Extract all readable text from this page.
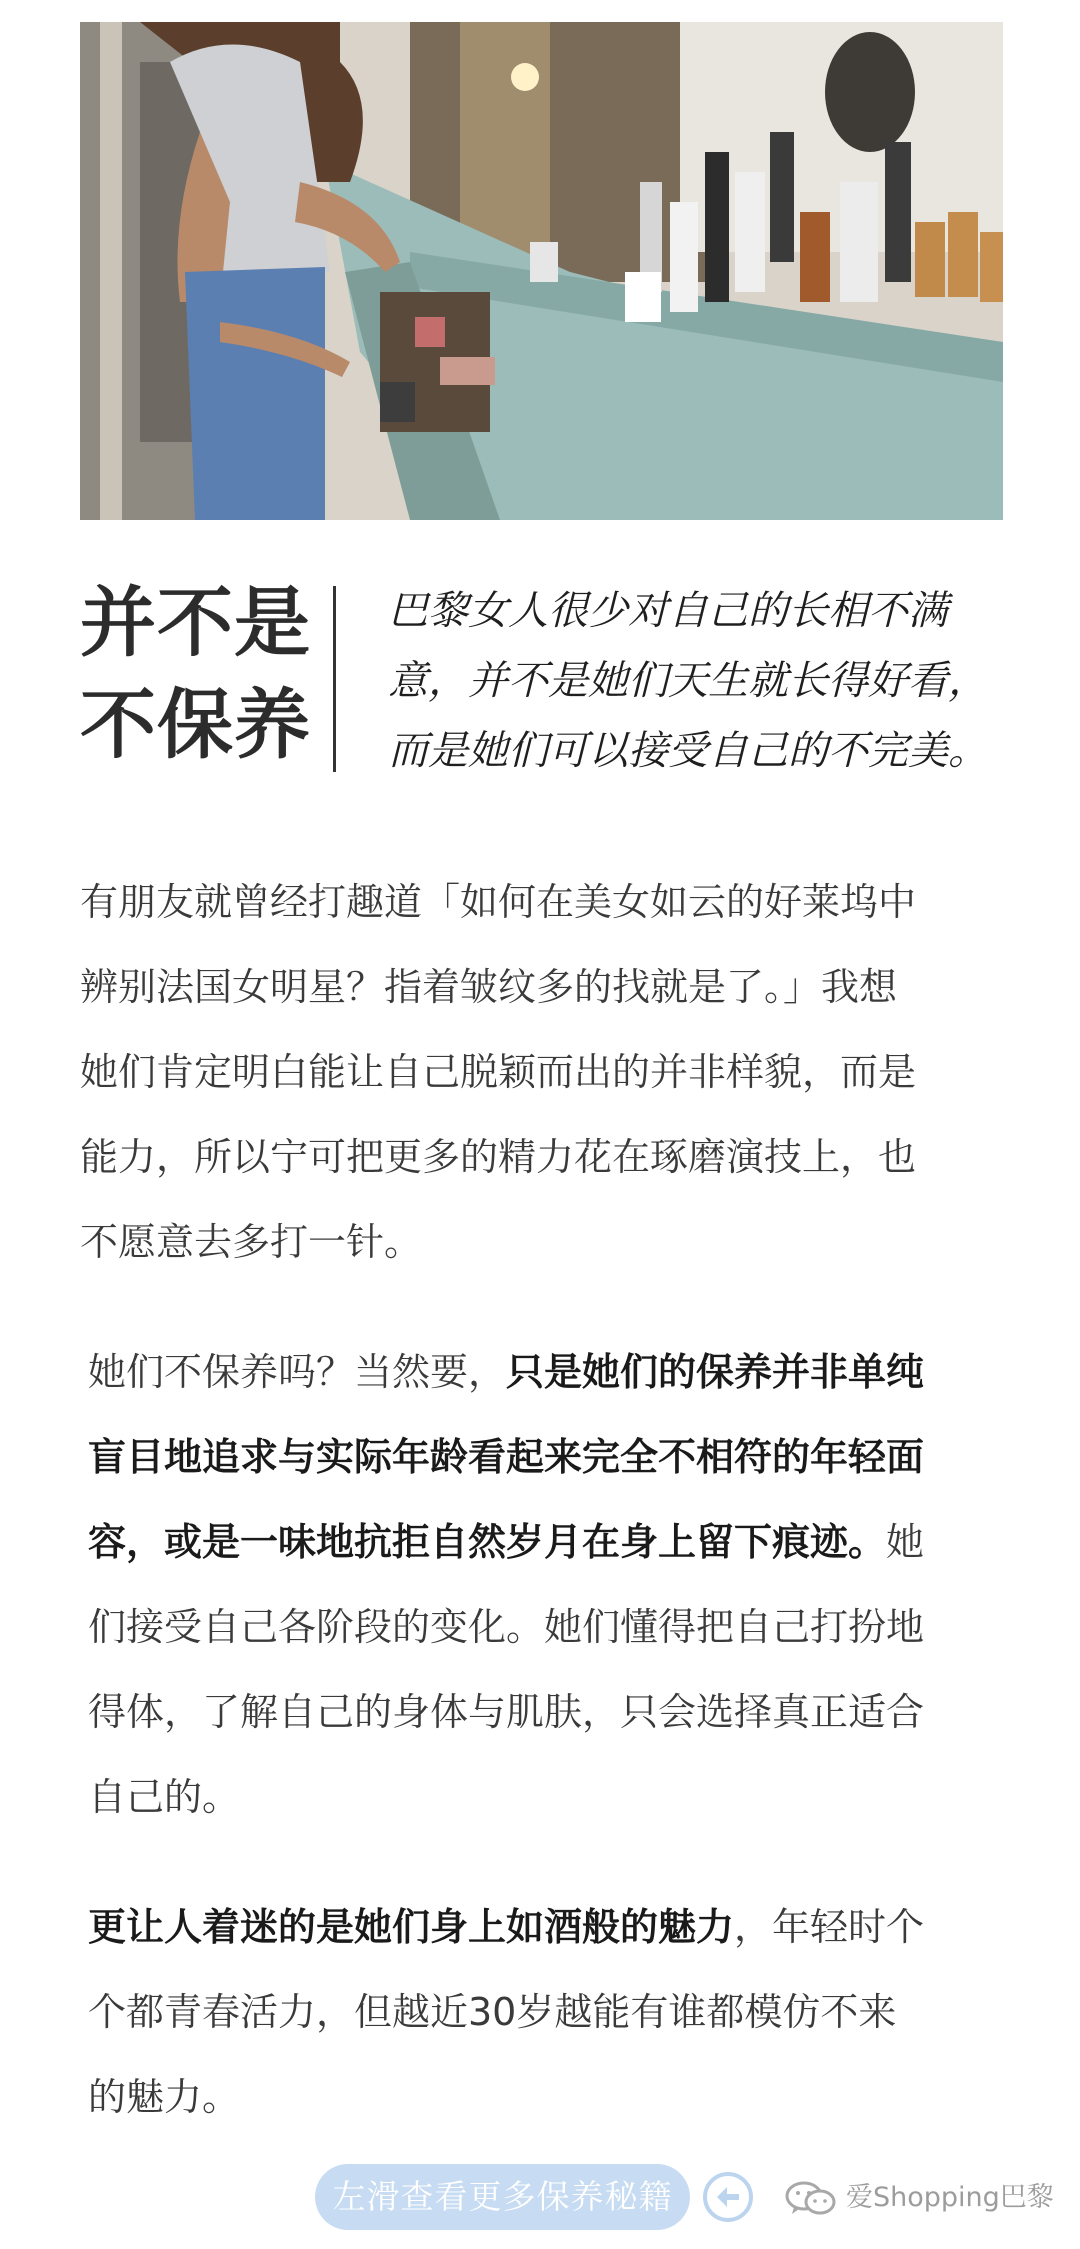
并不是
不保养
巴黎女人很少对自己的长相不满
意，并不是她们天生就长得好看，
而是她们可以接受自己的不完美。
有朋友就曾经打趣道「如何在美女如云的好莱坞中
辨别法国女明星？指着皱纹多的找就是了。」我想
她们肯定明白能让自己脱颖而出的并非样貌，而是
能力，所以宁可把更多的精力花在琢磨演技上，也
不愿意去多打一针。
她们不保养吗？当然要，只是她们的保养并非单纯
盲目地追求与实际年龄看起来完全不相符的年轻面
容，或是一味地抗拒自然岁月在身上留下痕迹。她
们接受自己各阶段的变化。她们懂得把自己打扮地
得体，了解自己的身体与肌肤，只会选择真正适合
自己的。
更让人着迷的是她们身上如酒般的魅力，年轻时个
个都青春活力，但越近30岁越能有谁都模仿不来
的魅力。
左滑查看更多保养秘籍	爱Shopping巴黎
